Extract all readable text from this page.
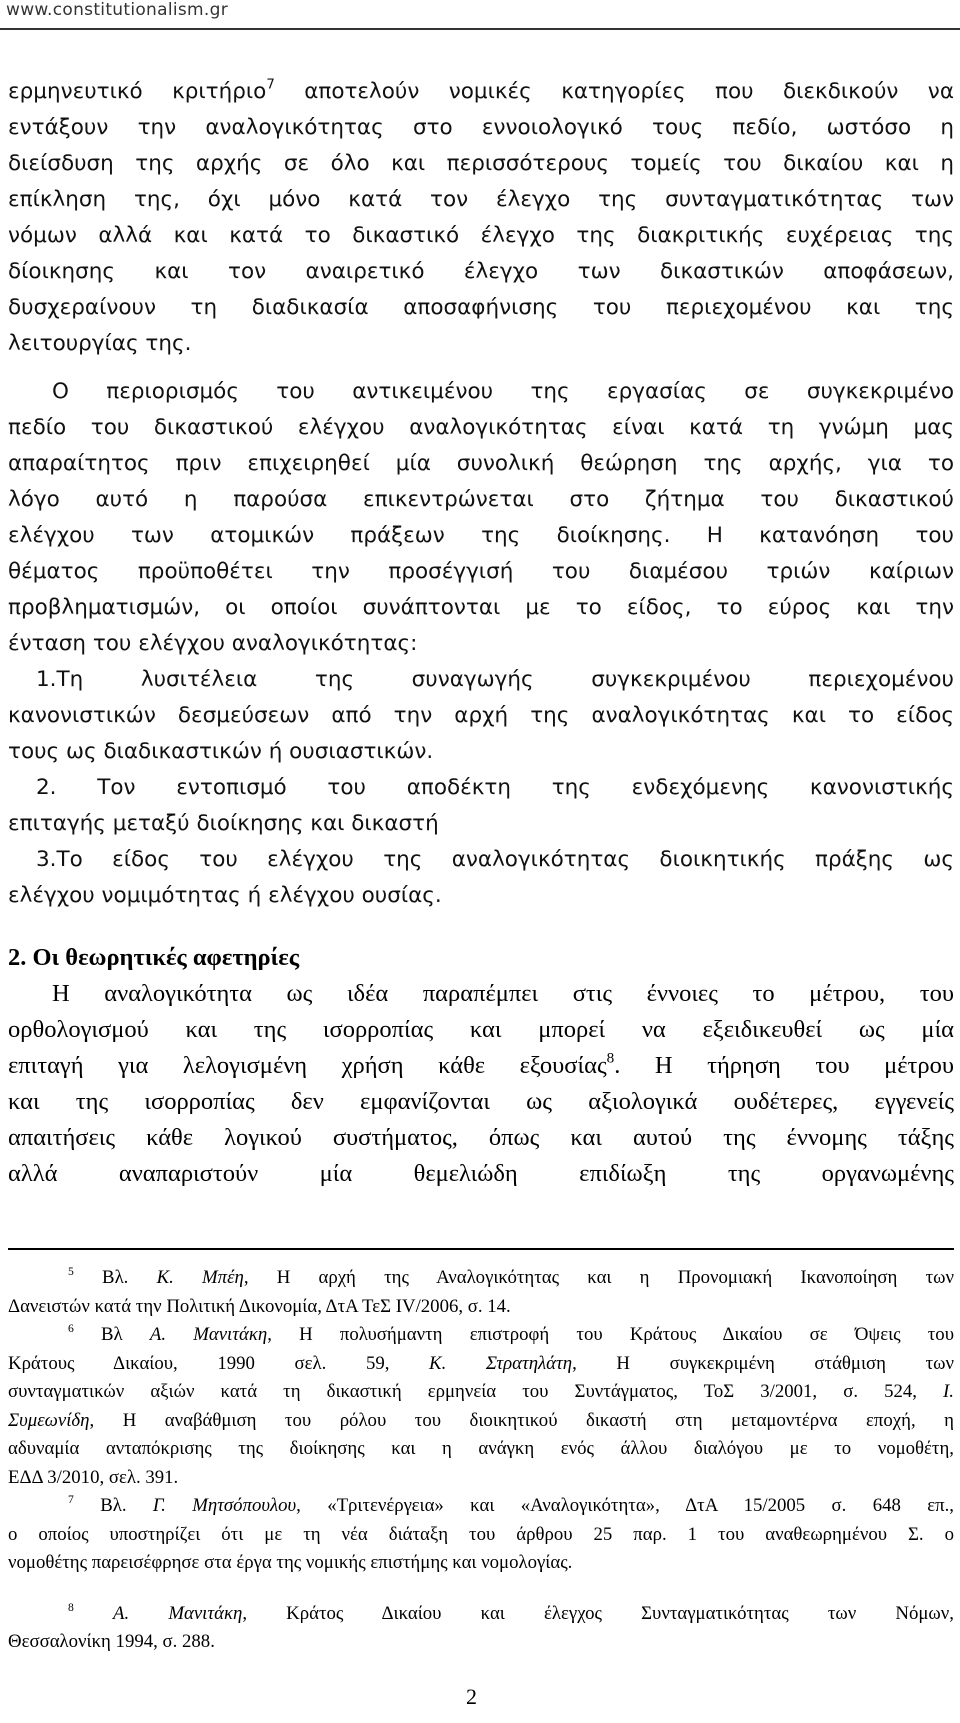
www.constitutionalism.gr
ερμηνευτικό κριτήριο$^7$ αποτελούν νομικές κατηγορίες που διεκδικούν να
εντάξουν την αναλογικότητας στο εννοιολογικό τους πεδίο, ωστόσο η
διείσδυση της αρχής σε όλο και περισσότερους τομείς του δικαίου και η
επίκληση της, όχι μόνο κατά τον έλεγχο της συνταγματικότητας των
νόμων αλλά και κατά το δικαστικό έλεγχο της διακριτικής ευχέρειας της
δίοικησης και τον αναιρετικό έλεγχο των δικαστικών αποφάσεων,
δυσχεραίνουν τη διαδικασία αποσαφήνισης του περιεχομένου και της
λειτουργίας της.
Ο περιορισμός του αντικειμένου της εργασίας σε συγκεκριμένο
πεδίο του δικαστικού ελέγχου αναλογικότητας είναι κατά τη γνώμη μας
απαραίτητος πριν επιχειρηθεί μία συνολική θεώρηση της αρχής, για το
λόγο αυτό η παρούσα επικεντρώνεται στο ζήτημα του δικαστικού
ελέγχου των ατομικών πράξεων της διοίκησης. Η κατανόηση του
θέματος προϋποθέτει την προσέγγισή του διαμέσου τριών καίριων
προβληματισμών, οι οποίοι συνάπτονται με το είδος, το εύρος και την
ένταση του ελέγχου αναλογικότητας:
1.Τη λυσιτέλεια της συναγωγής συγκεκριμένου περιεχομένου
κανονιστικών δεσμεύσεων από την αρχή της αναλογικότητας και το είδος
τους ως διαδικαστικών ή ουσιαστικών.
2. Τον εντοπισμό του αποδέκτη της ενδεχόμενης κανονιστικής
επιταγής μεταξύ διοίκησης και δικαστή
3.Το είδος του ελέγχου της αναλογικότητας διοικητικής πράξης ως
ελέγχου νομιμότητας ή ελέγχου ουσίας.
2. Οι θεωρητικές αφετηρίες
Η αναλογικότητα ως ιδέα παραπέμπει στις έννοιες το μέτρου, του
ορθολογισμού και της ισορροπίας και μπορεί να εξειδικευθεί ως μία
επιταγή για λελογισμένη χρήση κάθε εξουσίας$^8$. Η τήρηση του μέτρου
και της ισορροπίας δεν εμφανίζονται ως αξιολογικά ουδέτερες, εγγενείς
απαιτήσεις κάθε λογικού συστήματος, όπως και αυτού της έννομης τάξης
αλλά αναπαριστούν μία θεμελιώδη επιδίωξη της οργανωμένης
$^5$ Βλ. Κ. Μπέη, Η αρχή της Αναλογικότητας και η Προνομιακή Ικανοποίηση των
Δανειστών κατά την Πολιτική Δικονομία, ΔτΑ ΤεΣ IV/2006, σ. 14.
$^6$ Βλ Α. Μανιτάκη, Η πολυσήμαντη επιστροφή του Κράτους Δικαίου σε Όψεις του
Κράτους Δικαίου, 1990 σελ. 59, Κ. Στρατηλάτη, Η συγκεκριμένη στάθμιση των
συνταγματικών αξιών κατά τη δικαστική ερμηνεία του Συντάγματος, ΤοΣ 3/2001, σ. 524, Ι.
Συμεωνίδη, Η αναβάθμιση του ρόλου του διοικητικού δικαστή στη μεταμοντέρνα εποχή, η
αδυναμία ανταπόκρισης της διοίκησης και η ανάγκη ενός άλλου διαλόγου με το νομοθέτη,
ΕΔΔ 3/2010, σελ. 391.
$^7$ Βλ. Γ. Μητσόπουλου, «Τριτενέργεια» και «Αναλογικότητα», ΔτΑ 15/2005 σ. 648 επ.,
ο οποίος υποστηρίζει ότι με τη νέα διάταξη του άρθρου 25 παρ. 1 του αναθεωρημένου Σ. ο
νομοθέτης παρεισέφρησε στα έργα της νομικής επιστήμης και νομολογίας.
$^8$ Α. Μανιτάκη, Κράτος Δικαίου και έλεγχος Συνταγματικότητας των Νόμων,
Θεσσαλονίκη 1994, σ. 288.
2
